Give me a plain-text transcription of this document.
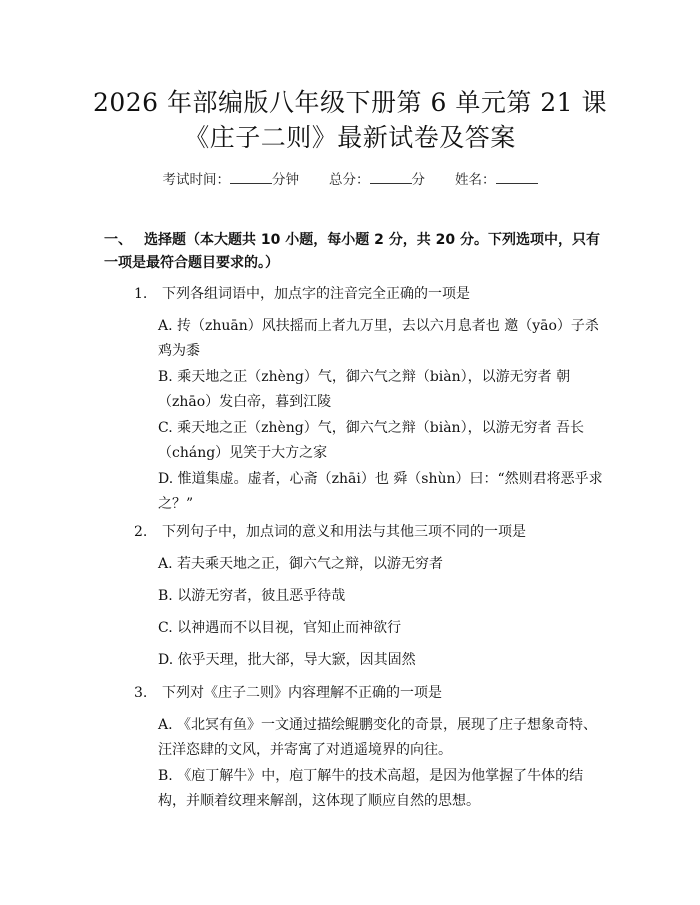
2026 年部编版八年级下册第 6 单元第 21 课
《庄子二则》最新试卷及答案
考试时间：	分钟 总分：	分 姓名：
一、 选择题（本大题共 10 小题，每小题 2 分，共 20 分。下列选项中，只有一项是最符合题目要求的。）
1. 下列各组词语中，加点字的注音完全正确的一项是
A. 抟（zhuān）风扶摇而上者九万里，去以六月息者也 邀（yāo）子杀鸡为黍
B. 乘天地之正（zhèng）气，御六气之辩（biàn），以游无穷者 朝（zhāo）发白帝，暮到江陵
C. 乘天地之正（zhèng）气，御六气之辩（biàn），以游无穷者 吾长（cháng）见笑于大方之家
D. 惟道集虚。虚者，心斋（zhāi）也 舜（shùn）曰：“然则君将恶乎求之？”
2. 下列句子中，加点词的意义和用法与其他三项不同的一项是
A. 若夫乘天地之正，御六气之辩，以游无穷者
B. 以游无穷者，彼且恶乎待哉
C. 以神遇而不以目视，官知止而神欲行
D. 依乎天理，批大郤，导大窾，因其固然
3. 下列对《庄子二则》内容理解不正确的一项是
A. 《北冥有鱼》一文通过描绘鲲鹏变化的奇景，展现了庄子想象奇特、汪洋恣肆的文风，并寄寓了对逍遥境界的向往。
B. 《庖丁解牛》中，庖丁解牛的技术高超，是因为他掌握了牛体的结构，并顺着纹理来解剖，这体现了顺应自然的思想。
